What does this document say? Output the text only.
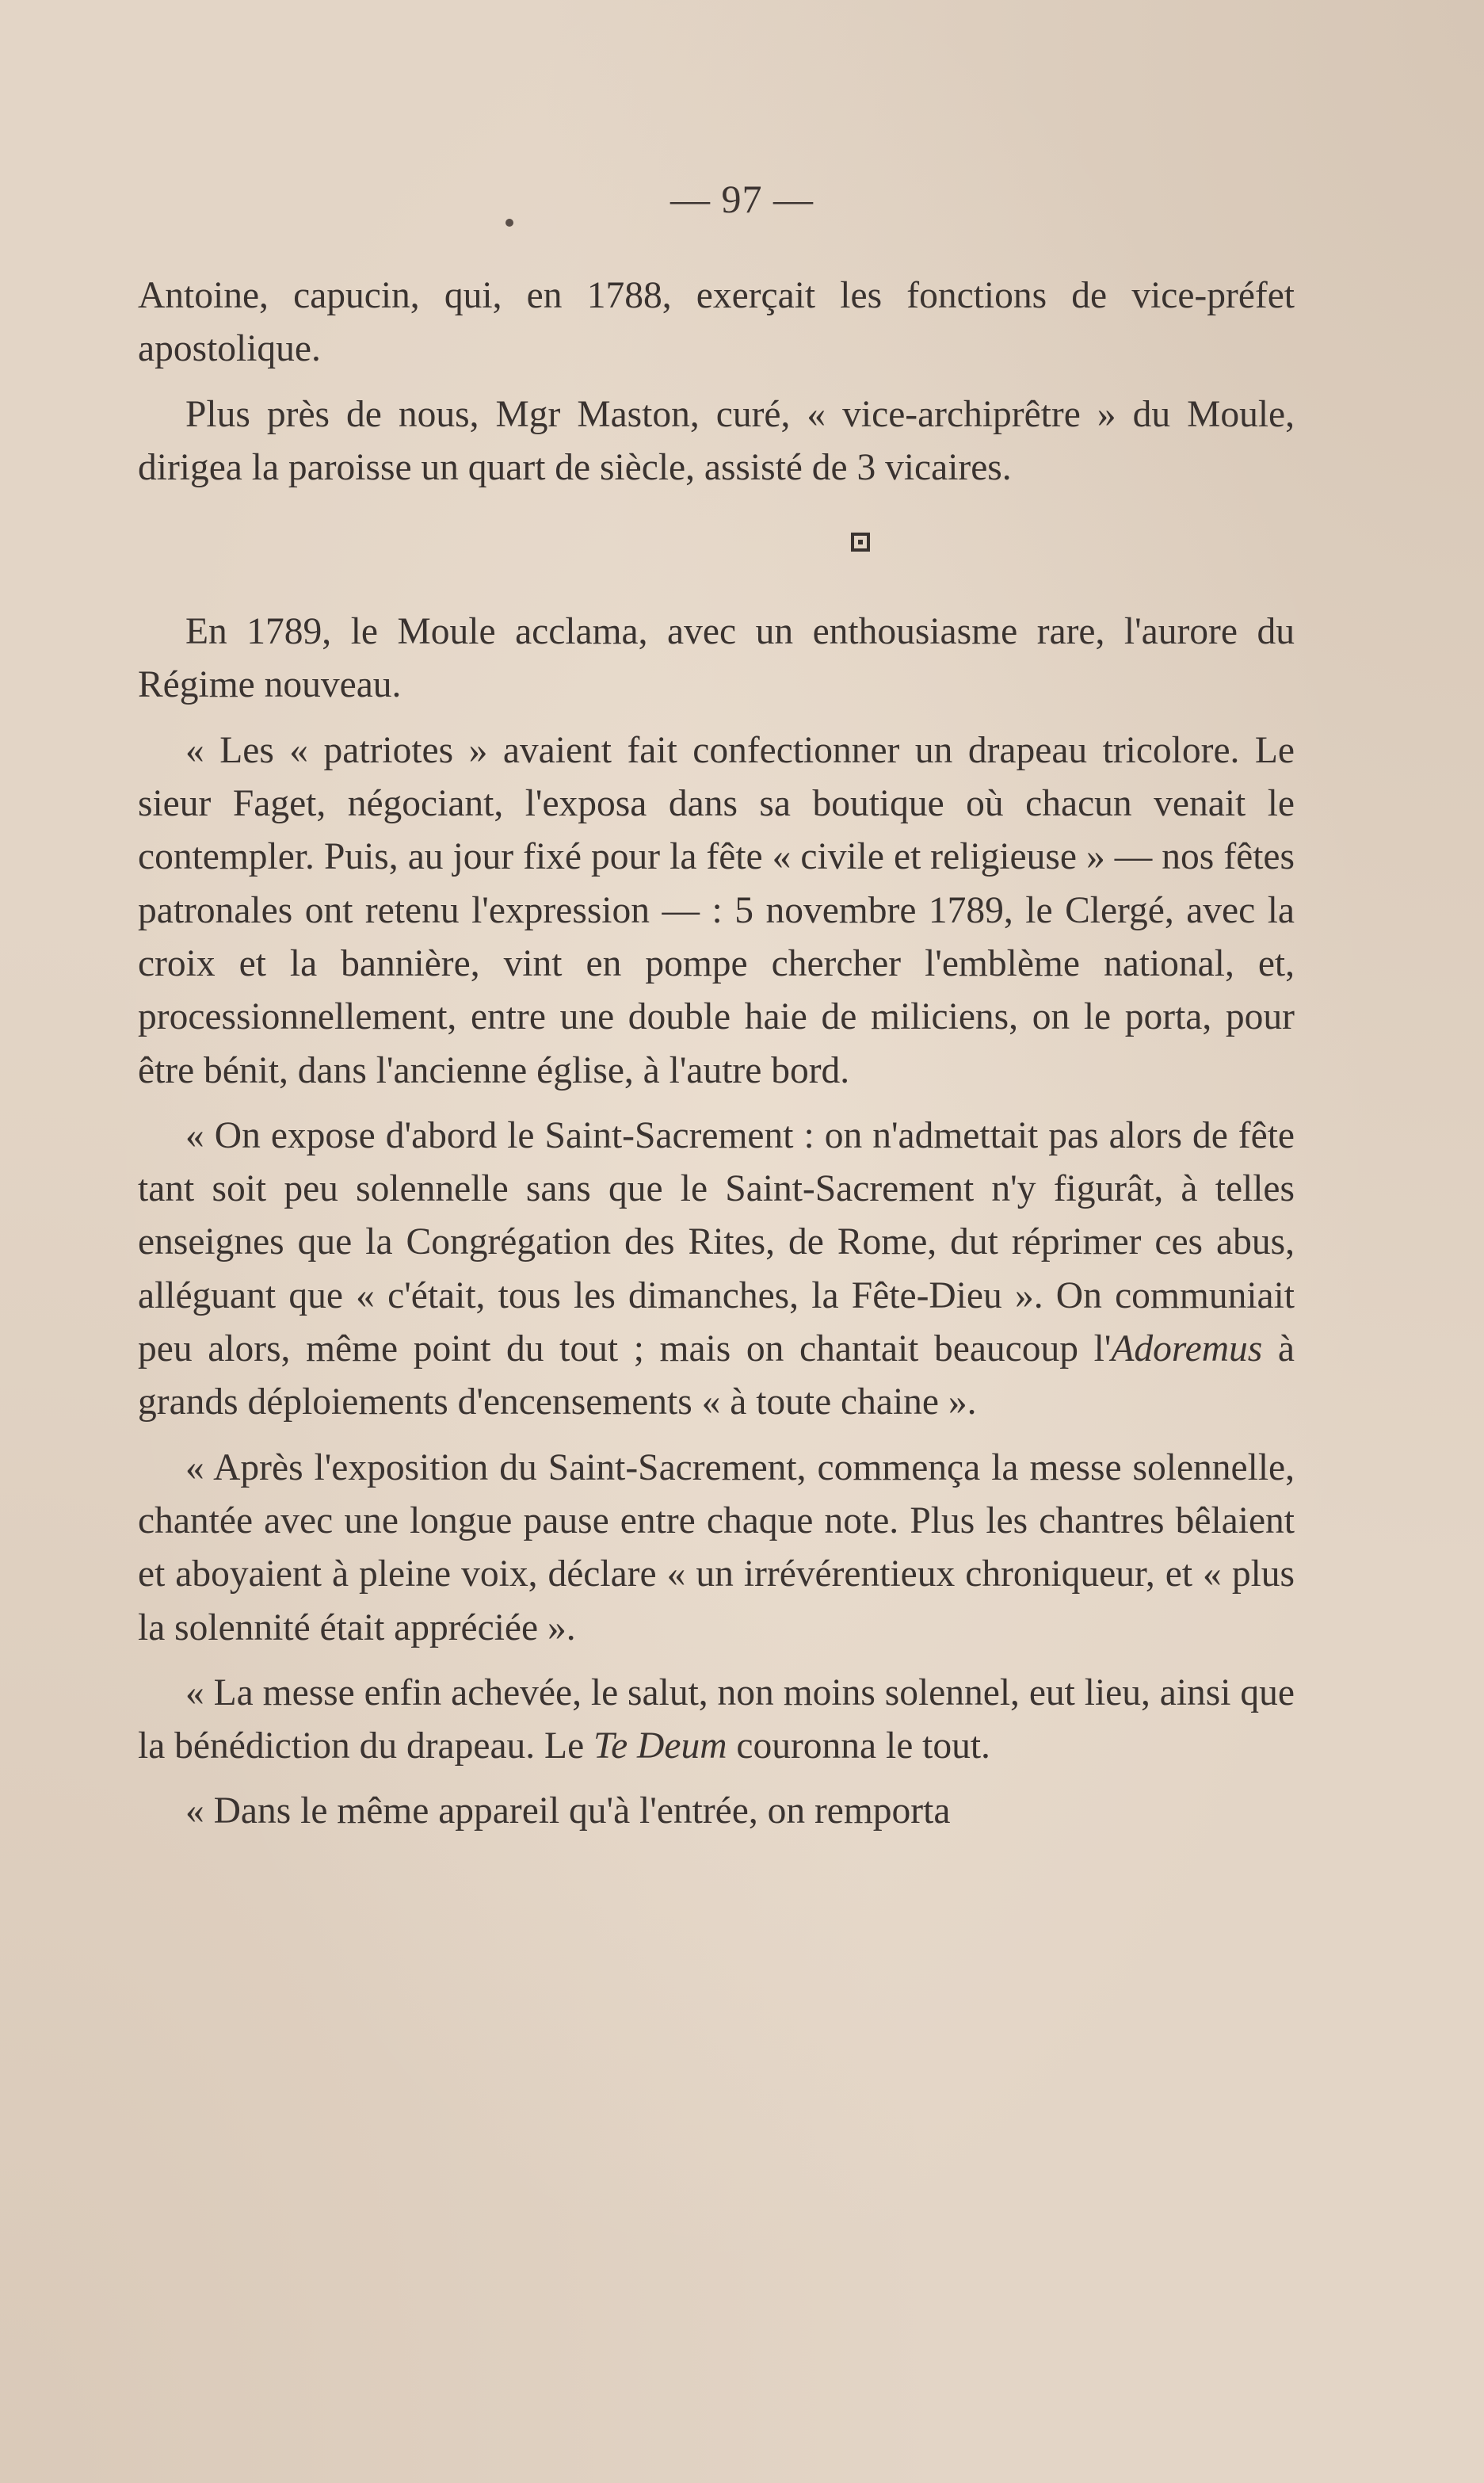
— 97 —

Antoine, capucin, qui, en 1788, exerçait les fonctions de vice-préfet apostolique.

Plus près de nous, Mgr Maston, curé, « vice-archiprêtre » du Moule, dirigea la paroisse un quart de siècle, assisté de 3 vicaires.

En 1789, le Moule acclama, avec un enthousiasme rare, l'aurore du Régime nouveau.

« Les « patriotes » avaient fait confectionner un drapeau tricolore. Le sieur Faget, négociant, l'exposa dans sa boutique où chacun venait le contempler. Puis, au jour fixé pour la fête « civile et religieuse » — nos fêtes patronales ont retenu l'expression — : 5 novembre 1789, le Clergé, avec la croix et la bannière, vint en pompe chercher l'emblème national, et, processionnellement, entre une double haie de miliciens, on le porta, pour être bénit, dans l'ancienne église, à l'autre bord.

« On expose d'abord le Saint-Sacrement : on n'admettait pas alors de fête tant soit peu solennelle sans que le Saint-Sacrement n'y figurât, à telles enseignes que la Congrégation des Rites, de Rome, dut réprimer ces abus, alléguant que « c'était, tous les dimanches, la Fête-Dieu ». On communiait peu alors, même point du tout ; mais on chantait beaucoup l'Adoremus à grands déploiements d'encensements « à toute chaine ».

« Après l'exposition du Saint-Sacrement, commença la messe solennelle, chantée avec une longue pause entre chaque note. Plus les chantres bêlaient et aboyaient à pleine voix, déclare « un irrévérentieux chroniqueur, et « plus la solennité était appréciée ».

« La messe enfin achevée, le salut, non moins solennel, eut lieu, ainsi que la bénédiction du drapeau. Le Te Deum couronna le tout.

« Dans le même appareil qu'à l'entrée, on remporta
